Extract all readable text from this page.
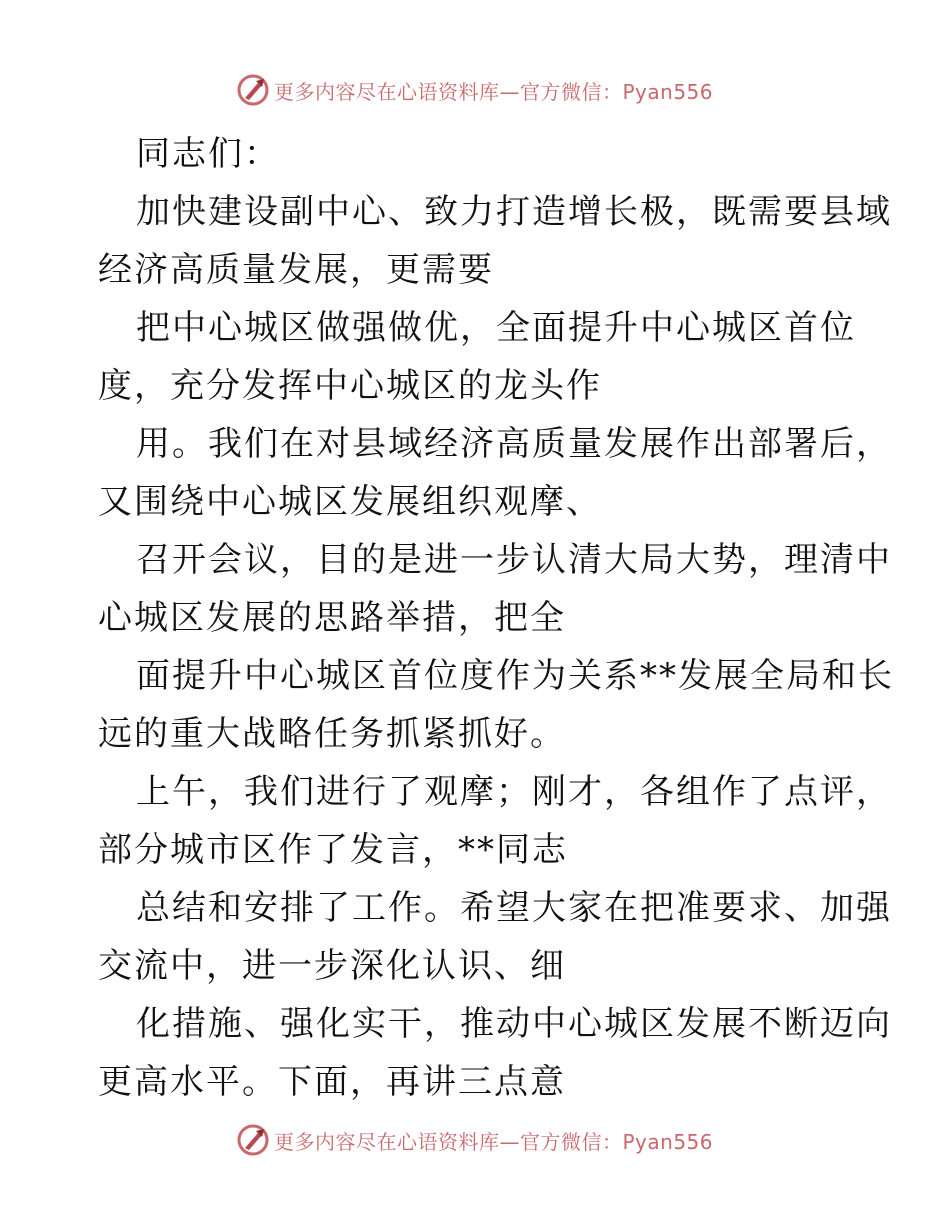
更多内容尽在心语资料库—官方微信：Pyan556

同志们：

加快建设副中心、致力打造增长极，既需要县域
经济高质量发展，更需要

把中心城区做强做优，全面提升中心城区首位
度，充分发挥中心城区的龙头作

用。我们在对县域经济高质量发展作出部署后，
又围绕中心城区发展组织观摩、

召开会议，目的是进一步认清大局大势，理清中
心城区发展的思路举措，把全

面提升中心城区首位度作为关系**发展全局和长
远的重大战略任务抓紧抓好。

上午，我们进行了观摩；刚才，各组作了点评，
部分城市区作了发言，**同志

总结和安排了工作。希望大家在把准要求、加强
交流中，进一步深化认识、细

化措施、强化实干，推动中心城区发展不断迈向
更高水平。下面，再讲三点意

更多内容尽在心语资料库—官方微信：Pyan556
